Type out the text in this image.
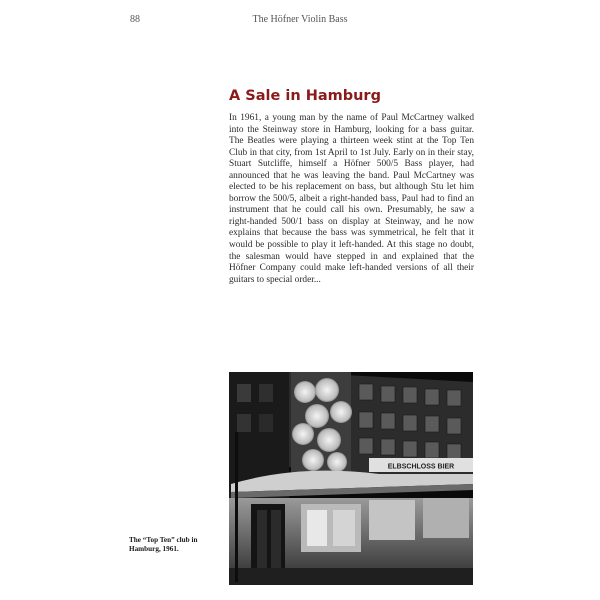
88	The Höfner Violin Bass
A Sale in Hamburg

In 1961, a young man by the name of Paul McCartney walked into the Steinway store in Hamburg, looking for a bass guitar. The Beatles were playing a thirteen week stint at the Top Ten Club in that city, from 1st April to 1st July. Early on in their stay, Stuart Sutcliffe, himself a Höfner 500/5 Bass player, had announced that he was leaving the band. Paul McCartney was elected to be his replacement on bass, but although Stu let him borrow the 500/5, albeit a right-handed bass, Paul had to find an instrument that he could call his own. Presumably, he saw a right-handed 500/1 bass on display at Steinway, and he now explains that because the bass was symmetrical, he felt that it would be possible to play it left-handed. At this stage no doubt, the salesman would have stepped in and explained that the Höfner Company could make left-handed versions of all their guitars to special order...

ELBSCHLOSS BIER

The “Top Ten” club in Hamburg, 1961.
